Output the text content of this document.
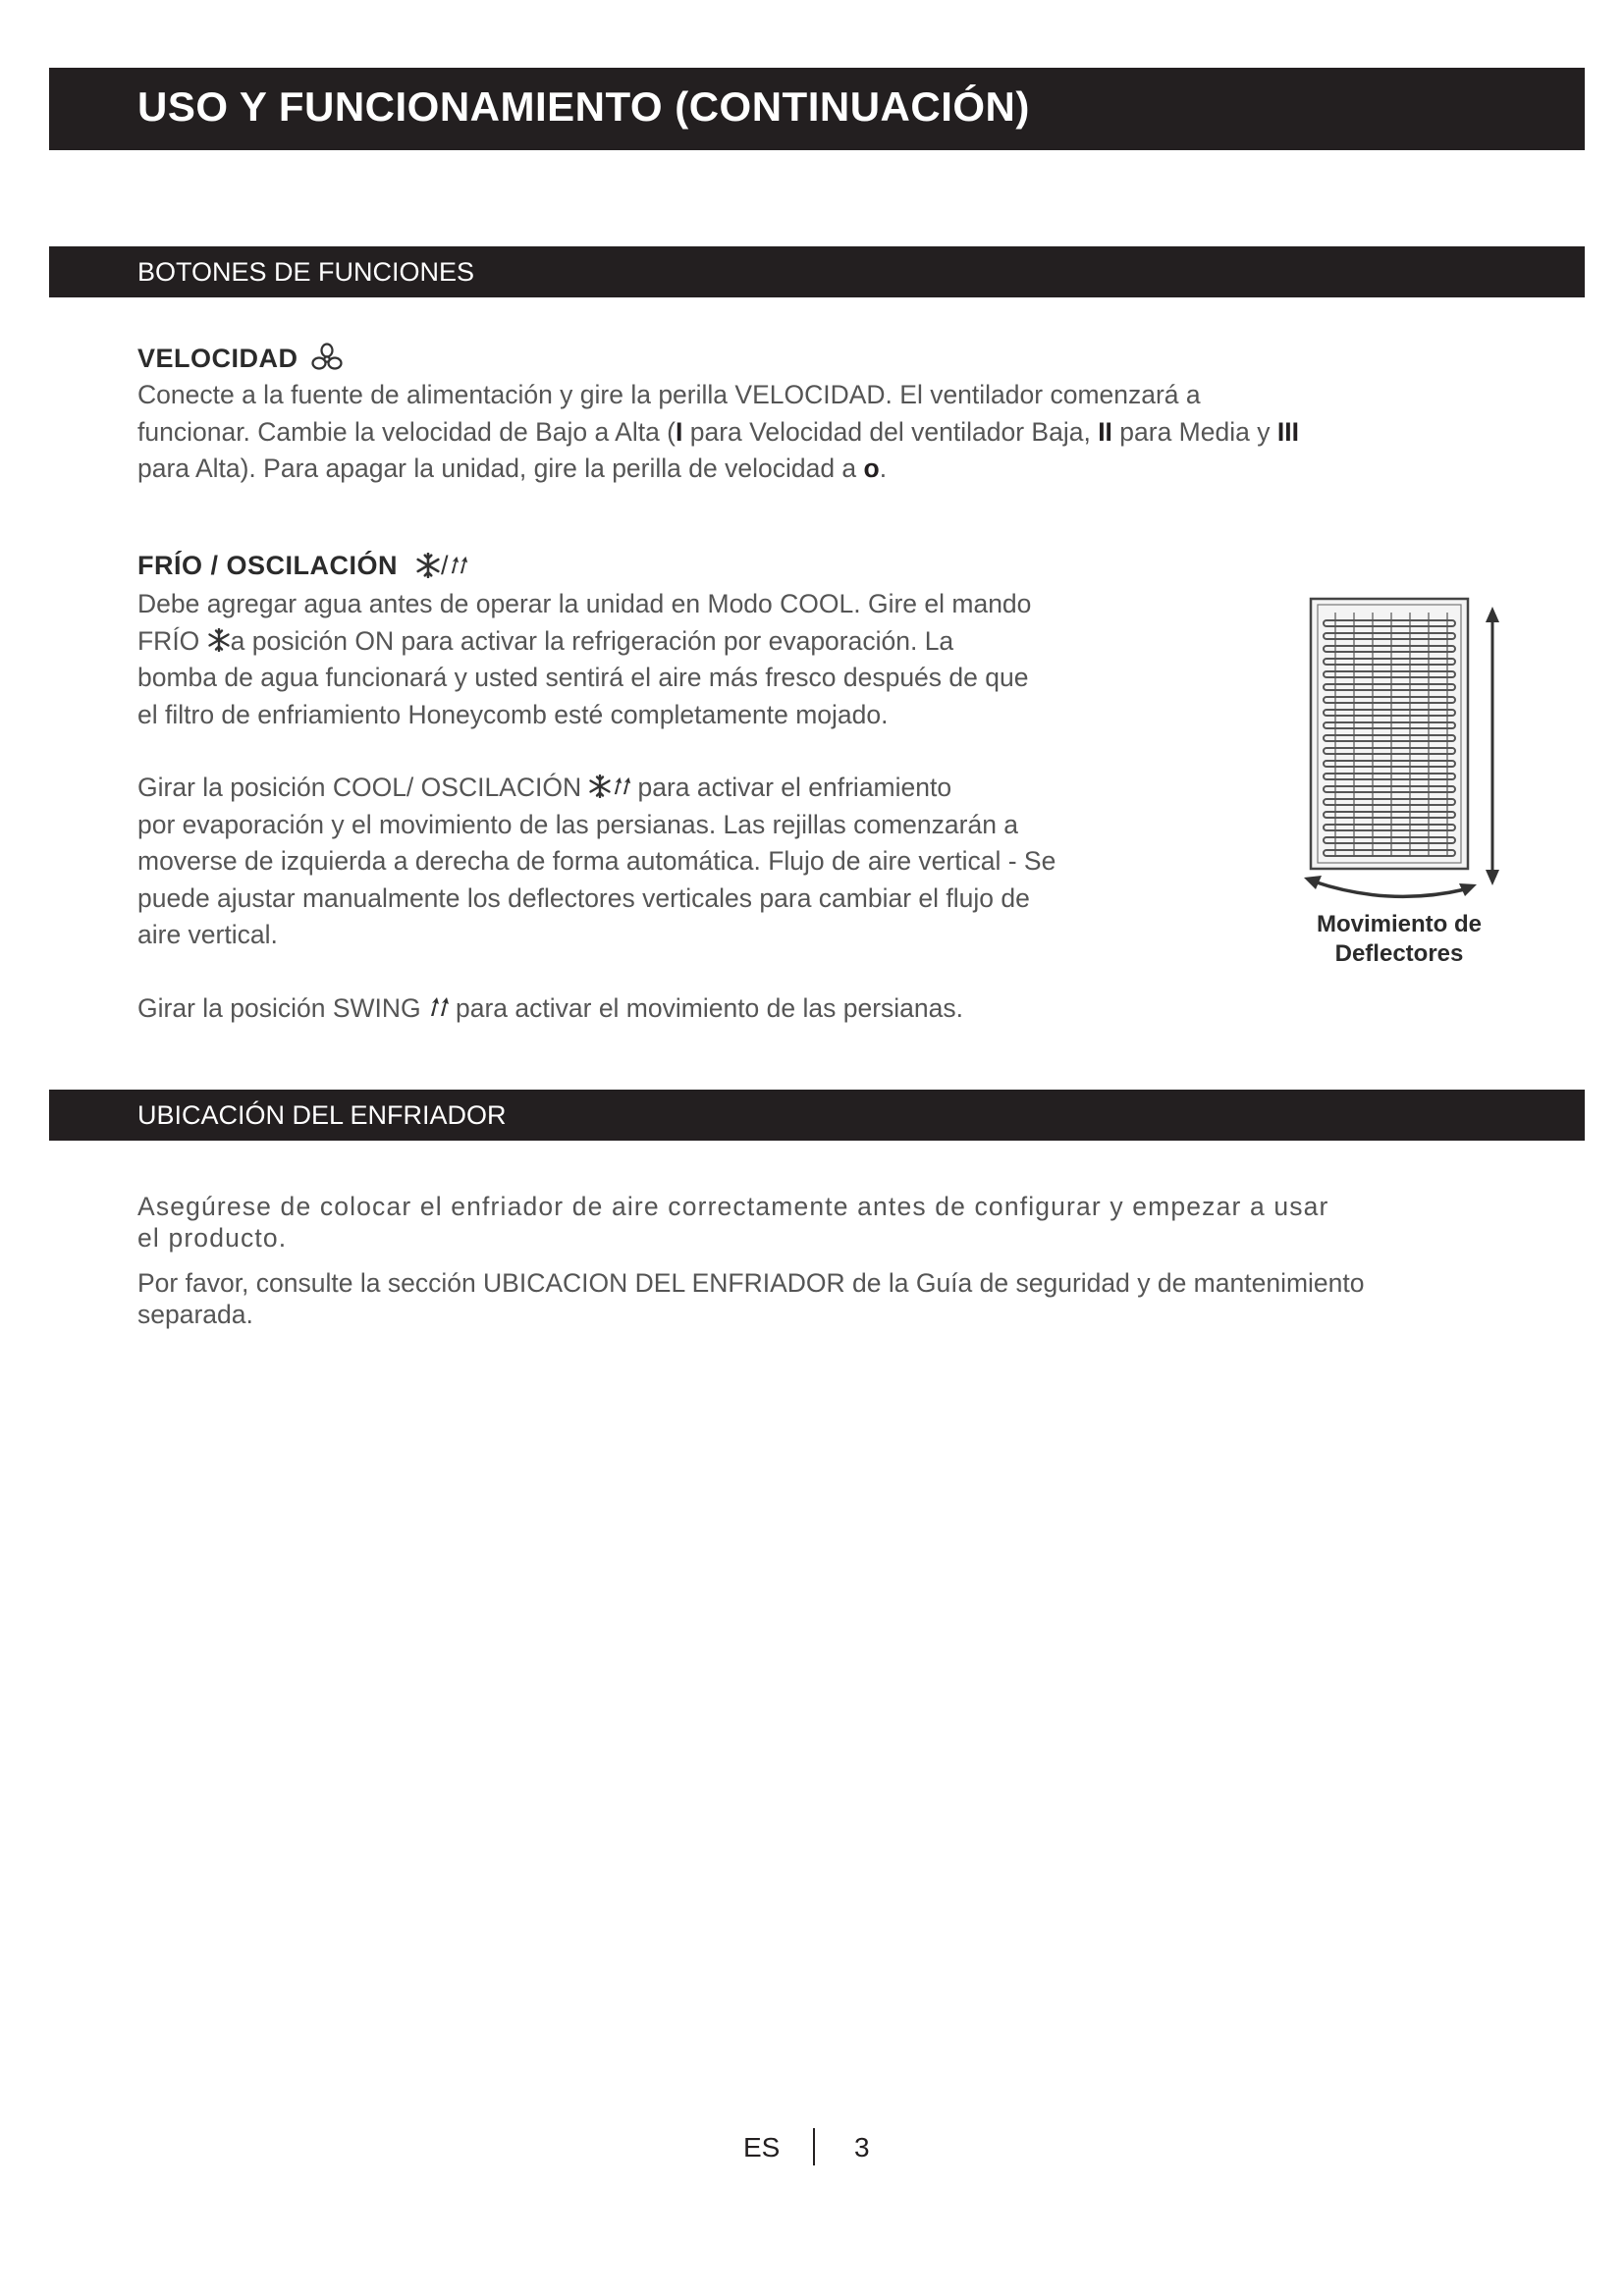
USO Y FUNCIONAMIENTO (CONTINUACIÓN)
BOTONES DE FUNCIONES
VELOCIDAD

Conecte a la fuente de alimentación y gire la perilla VELOCIDAD. El ventilador comenzará a
funcionar. Cambie la velocidad de Bajo a Alta (I para Velocidad del ventilador Baja, II para Media y III
para Alta). Para apagar la unidad, gire la perilla de velocidad a o.

FRÍO / OSCILACIÓN /

Debe agregar agua antes de operar la unidad en Modo COOL. Gire el mando
FRÍO a posición ON para activar la refrigeración por evaporación. La
bomba de agua funcionará y usted sentirá el aire más fresco después de que
el filtro de enfriamiento Honeycomb esté completamente mojado.

Girar la posición COOL/ OSCILACIÓN para activar el enfriamiento
por evaporación y el movimiento de las persianas. Las rejillas comenzarán a
moverse de izquierda a derecha de forma automática. Flujo de aire vertical - Se
puede ajustar manualmente los deflectores verticales para cambiar el flujo de
aire vertical.

Girar la posición SWING para activar el movimiento de las persianas.

Movimiento de
Deflectores
UBICACIÓN DEL ENFRIADOR

Asegúrese de colocar el enfriador de aire correctamente antes de configurar y empezar a usar
el producto.

Por favor, consulte la sección UBICACION DEL ENFRIADOR de la Guía de seguridad y de mantenimiento
separada.

ES	3
